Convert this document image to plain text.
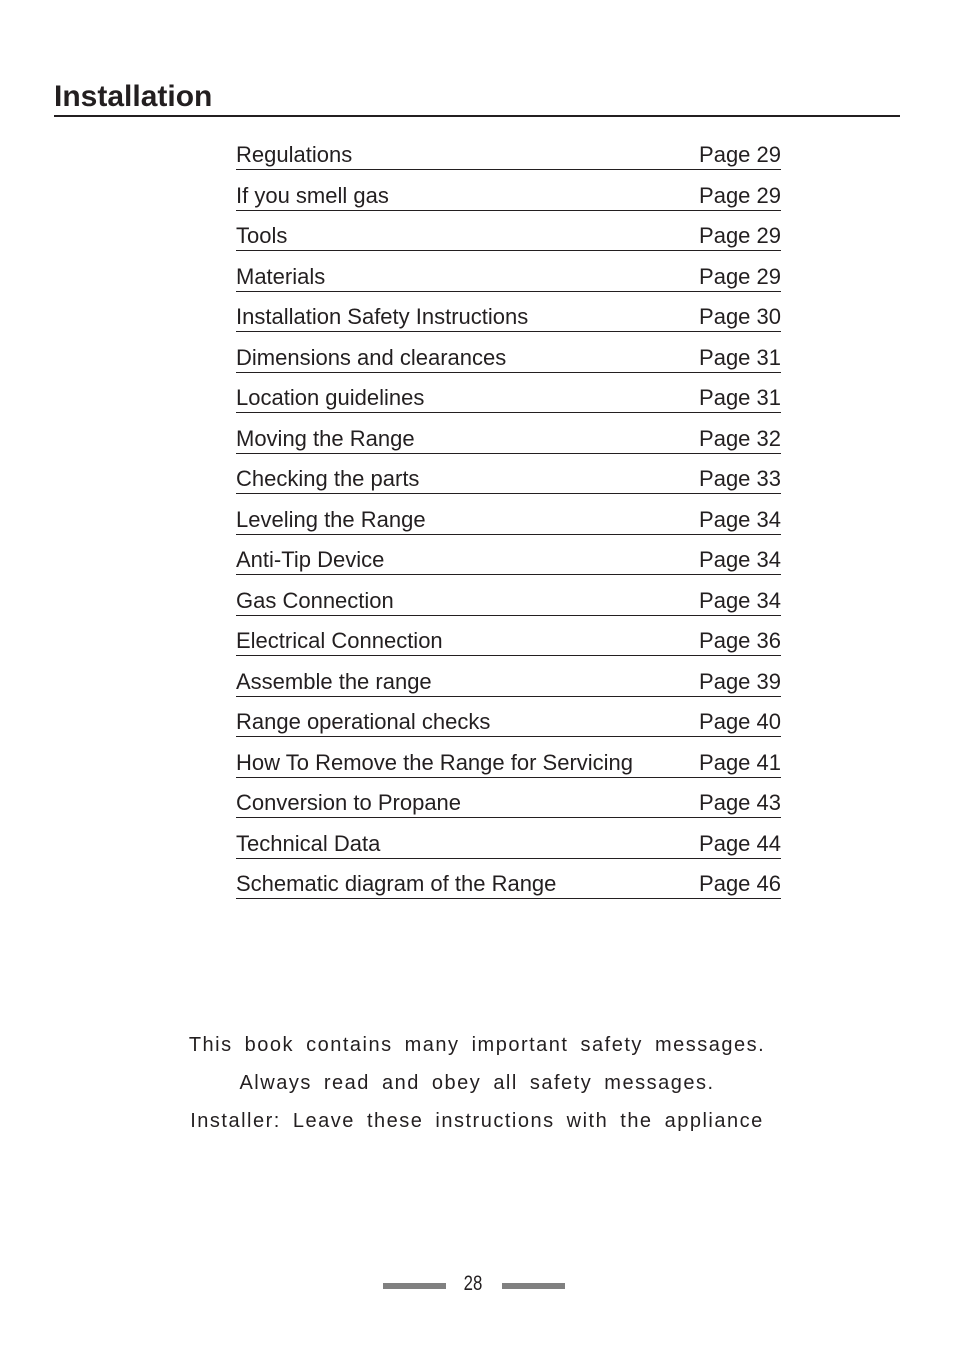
Installation
Regulations	Page 29
If you smell gas	Page 29
Tools	Page 29
Materials	Page 29
Installation Safety Instructions	Page 30
Dimensions and clearances	Page 31
Location guidelines	Page 31
Moving the Range	Page 32
Checking the parts	Page 33
Leveling the Range	Page 34
Anti-Tip Device	Page 34
Gas Connection	Page 34
Electrical Connection	Page 36
Assemble the range	Page 39
Range operational checks	Page 40
How To Remove the Range for Servicing	Page 41
Conversion to Propane	Page 43
Technical Data	Page 44
Schematic diagram of the Range	Page 46
This book contains many important safety messages.
Always read and obey all safety messages.
Installer: Leave these instructions with the appliance
28
